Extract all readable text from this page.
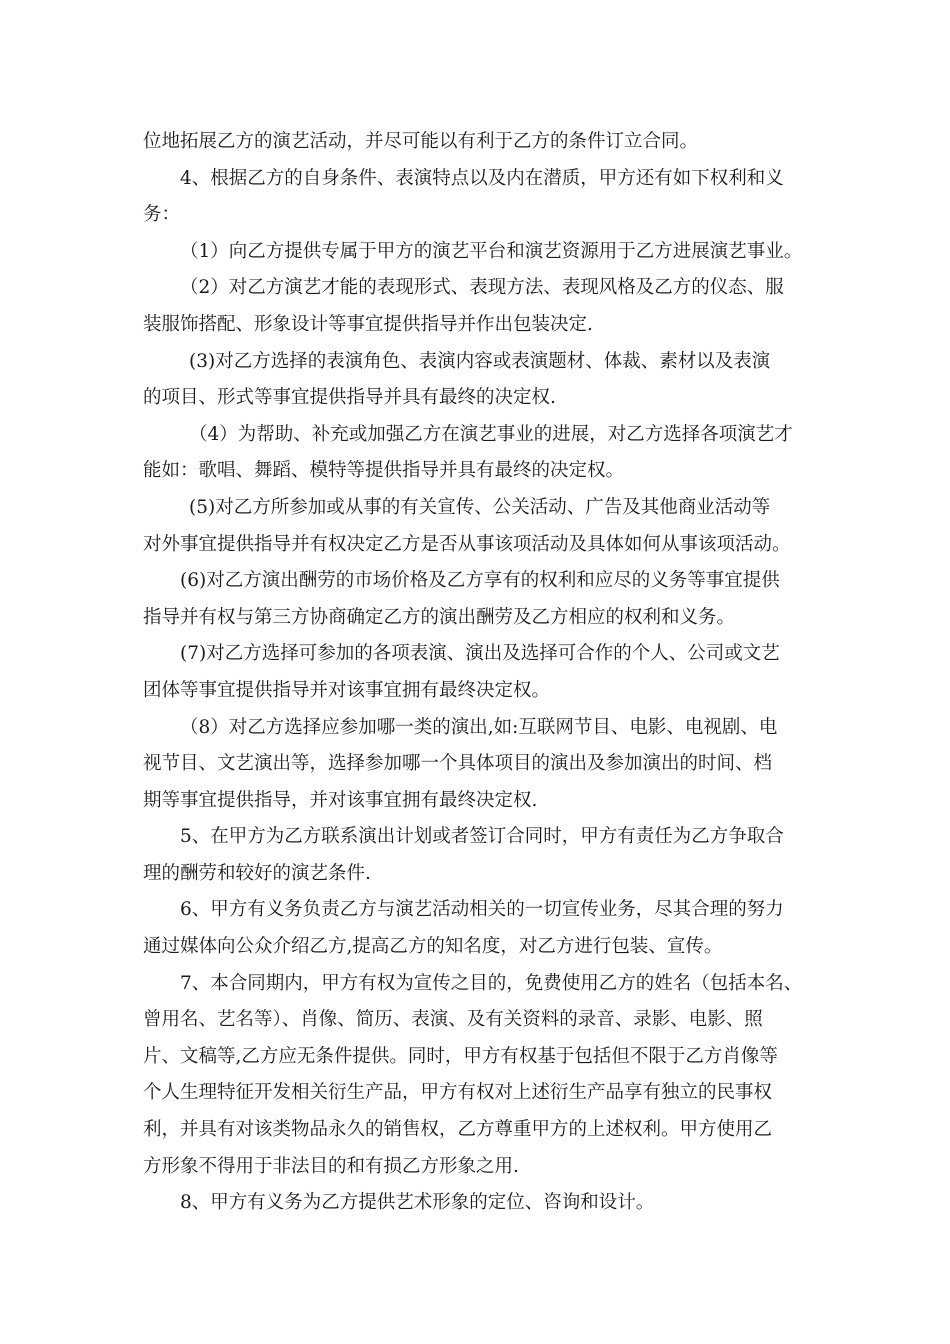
位地拓展乙方的演艺活动，并尽可能以有利于乙方的条件订立合同。
4、根据乙方的自身条件、表演特点以及内在潜质，甲方还有如下权利和义
务：
（1）向乙方提供专属于甲方的演艺平台和演艺资源用于乙方进展演艺事业。
（2）对乙方演艺才能的表现形式、表现方法、表现风格及乙方的仪态、服
装服饰搭配、形象设计等事宜提供指导并作出包装决定.
(3)对乙方选择的表演角色、表演内容或表演题材、体裁、素材以及表演
的项目、形式等事宜提供指导并具有最终的决定权.
（4）为帮助、补充或加强乙方在演艺事业的进展，对乙方选择各项演艺才
能如：歌唱、舞蹈、模特等提供指导并具有最终的决定权。
(5)对乙方所参加或从事的有关宣传、公关活动、广告及其他商业活动等
对外事宜提供指导并有权决定乙方是否从事该项活动及具体如何从事该项活动。
(6)对乙方演出酬劳的市场价格及乙方享有的权利和应尽的义务等事宜提供
指导并有权与第三方协商确定乙方的演出酬劳及乙方相应的权利和义务。
(7)对乙方选择可参加的各项表演、演出及选择可合作的个人、公司或文艺
团体等事宜提供指导并对该事宜拥有最终决定权。
（8）对乙方选择应参加哪一类的演出,如:互联网节目、电影、电视剧、电
视节目、文艺演出等，选择参加哪一个具体项目的演出及参加演出的时间、档
期等事宜提供指导，并对该事宜拥有最终决定权.
5、在甲方为乙方联系演出计划或者签订合同时，甲方有责任为乙方争取合
理的酬劳和较好的演艺条件.
6、甲方有义务负责乙方与演艺活动相关的一切宣传业务，尽其合理的努力
通过媒体向公众介绍乙方,提高乙方的知名度，对乙方进行包装、宣传。
7、本合同期内，甲方有权为宣传之目的，免费使用乙方的姓名（包括本名、
曾用名、艺名等）、肖像、简历、表演、及有关资料的录音、录影、电影、照
片、文稿等,乙方应无条件提供。同时，甲方有权基于包括但不限于乙方肖像等
个人生理特征开发相关衍生产品，甲方有权对上述衍生产品享有独立的民事权
利，并具有对该类物品永久的销售权，乙方尊重甲方的上述权利。甲方使用乙
方形象不得用于非法目的和有损乙方形象之用.
8、甲方有义务为乙方提供艺术形象的定位、咨询和设计。
